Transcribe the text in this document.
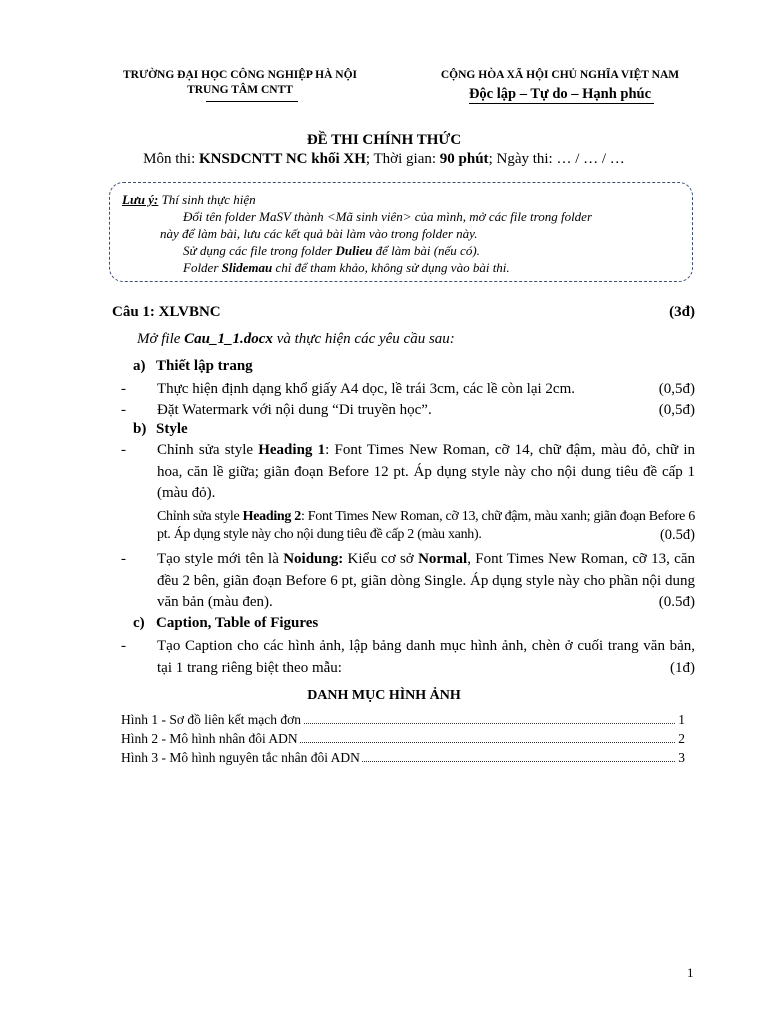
TRƯỜNG ĐẠI HỌC CÔNG NGHIỆP HÀ NỘI
TRUNG TÂM CNTT
CỘNG HÒA XÃ HỘI CHỦ NGHĨA VIỆT NAM
Độc lập – Tự do – Hạnh phúc
ĐỀ THI CHÍNH THỨC
Môn thi: KNSDCNTT NC khối XH; Thời gian: 90 phút; Ngày thi: … / … / …
Lưu ý: Thí sinh thực hiện
Đổi tên folder MaSV thành <Mã sinh viên> của mình, mở các file trong folder
này để làm bài, lưu các kết quả bài làm vào trong folder này.
Sử dụng các file trong folder Dulieu để làm bài (nếu có).
Folder Slidemau chỉ để tham khảo, không sử dụng vào bài thi.
Câu 1: XLVBNC	(3đ)
Mở file Cau_1_1.docx và thực hiện các yêu cầu sau:
a) Thiết lập trang
- Thực hiện định dạng khổ giấy A4 dọc, lề trái 3cm, các lề còn lại 2cm.	(0,5đ)
- Đặt Watermark với nội dung “Di truyền học”.	(0,5đ)
b) Style
- Chỉnh sửa style Heading 1: Font Times New Roman, cỡ 14, chữ đậm, màu đỏ, chữ in hoa, căn lề giữa; giãn đoạn Before 12 pt. Áp dụng style này cho nội dung tiêu đề cấp 1 (màu đỏ).
Chỉnh sửa style Heading 2: Font Times New Roman, cỡ 13, chữ đậm, màu xanh; giãn đoạn Before 6 pt. Áp dụng style này cho nội dung tiêu đề cấp 2 (màu xanh).	(0.5đ)
- Tạo style mới tên là Noidung: Kiểu cơ sở Normal, Font Times New Roman, cỡ 13, căn đều 2 bên, giãn đoạn Before 6 pt, giãn dòng Single. Áp dụng style này cho phần nội dung văn bản (màu đen).	(0.5đ)
c) Caption, Table of Figures
- Tạo Caption cho các hình ảnh, lập bảng danh mục hình ảnh, chèn ở cuối trang văn bản, tại 1 trang riêng biệt theo mẫu:	(1đ)
DANH MỤC HÌNH ẢNH
Hình 1 - Sơ đồ liên kết mạch đơn	1
Hình 2 - Mô hình nhân đôi ADN	2
Hình 3 - Mô hình nguyên tắc nhân đôi ADN	3
1
